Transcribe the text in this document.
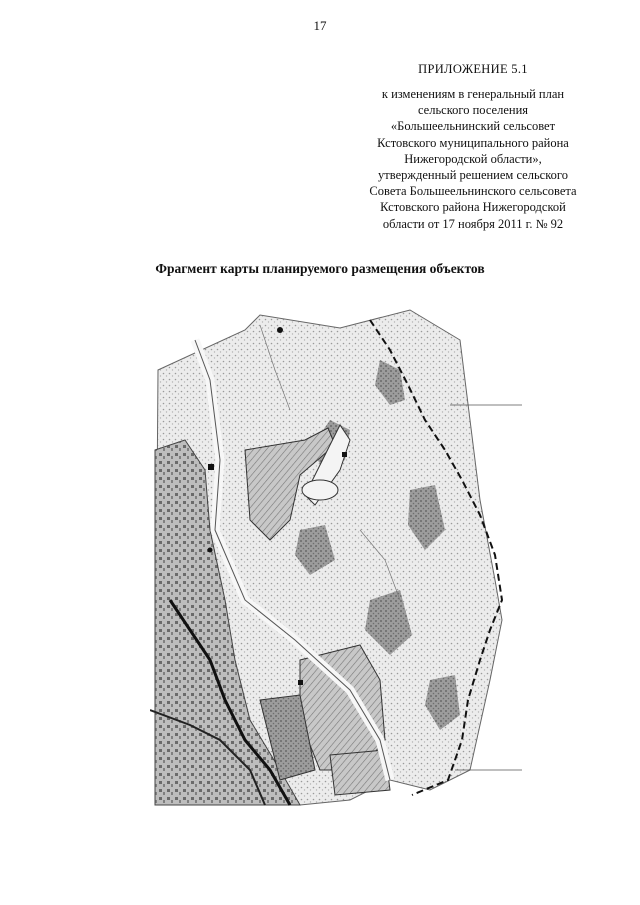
17
ПРИЛОЖЕНИЕ 5.1
к изменениям в генеральный план
сельского поселения
«Большеельнинский сельсовет
Кстовского муниципального района
Нижегородской области»,
утвержденный решением сельского
Совета Большеельнинского сельсовета
Кстовского района Нижегородской
области от 17 ноября 2011 г. № 92
Фрагмент карты планируемого размещения объектов
